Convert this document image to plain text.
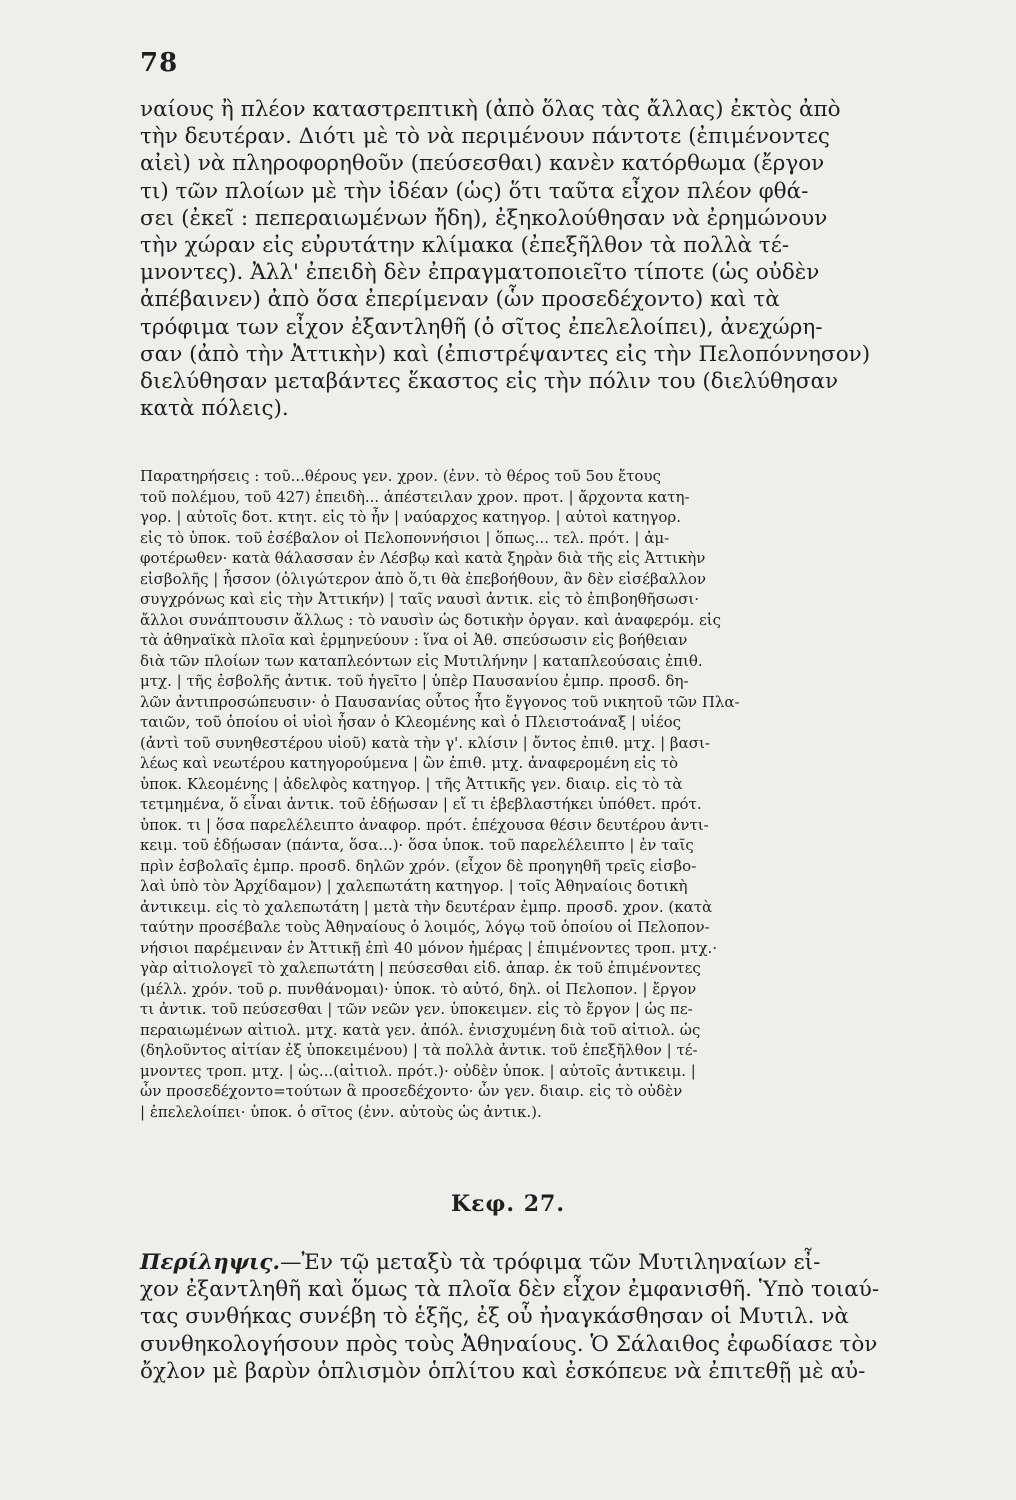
78

ναίους ἢ πλέον καταστρεπτικὴ (ἀπὸ ὅλας τὰς ἄλλας) ἐκτὸς ἀπὸ

τὴν δευτέραν. Διότι μὲ τὸ νὰ περιμένουν πάντοτε (ἐπιμένοντες

αἰεὶ) νὰ πληροφορηθοῦν (πεύσεσθαι) κανὲν κατόρθωμα (ἔργον

τι) τῶν πλοίων μὲ τὴν ἰδέαν (ὡς) ὅτι ταῦτα εἶχον πλέον φθά-

σει (ἐκεῖ : πεπεραιωμένων ἤδη), ἐξηκολούθησαν νὰ ἐρημώνουν

τὴν χώραν εἰς εὐρυτάτην κλίμακα (ἐπεξῆλθον τὰ πολλὰ τέ-

μνοντες). Ἀλλ' ἐπειδὴ δὲν ἐπραγματοποιεῖτο τίποτε (ὡς οὐδὲν

ἀπέβαινεν) ἀπὸ ὅσα ἐπερίμεναν (ὧν προσεδέχοντο) καὶ τὰ

τρόφιμα των εἶχον ἐξαντληθῆ (ὁ σῖτος ἐπελελοίπει), ἀνεχώρη-

σαν (ἀπὸ τὴν Ἀττικὴν) καὶ (ἐπιστρέψαντες εἰς τὴν Πελοπόννησον)

διελύθησαν μεταβάντες ἕκαστος εἰς τὴν πόλιν του (διελύθησαν

κατὰ πόλεις).

Παρατηρήσεις : τοῦ...θέρους γεν. χρον. (ἐνν. τὸ θέρος τοῦ 5ου ἔτους

τοῦ πολέμου, τοῦ 427) ἐπειδὴ... ἀπέστειλαν χρον. προτ. | ἄρχοντα κατη-

γορ. | αὐτοῖς δοτ. κτητ. εἰς τὸ ἦν | ναύαρχος κατηγορ. | αὐτοὶ κατηγορ.

εἰς τὸ ὑποκ. τοῦ ἐσέβαλον οἱ Πελοποννήσιοι | ὅπως... τελ. πρότ. | ἀμ-

φοτέρωθεν· κατὰ θάλασσαν ἐν Λέσβῳ καὶ κατὰ ξηρὰν διὰ τῆς εἰς Ἀττικὴν

εἰσβολῆς | ἧσσον (ὀλιγώτερον ἀπὸ ὅ,τι θὰ ἐπεβοήθουν, ἂν δὲν εἰσέβαλλον

συγχρόνως καὶ εἰς τὴν Ἀττικήν) | ταῖς ναυσὶ ἀντικ. εἰς τὸ ἐπιβοηθῆσωσι·

ἄλλοι συνάπτουσιν ἄλλως : τὸ ναυσὶν ὡς δοτικὴν ὀργαν. καὶ ἀναφερόμ. εἰς

τὰ ἀθηναϊκὰ πλοῖα καὶ ἑρμηνεύουν : ἵνα οἱ Ἀθ. σπεύσωσιν εἰς βοήθειαν

διὰ τῶν πλοίων των καταπλεόντων εἰς Μυτιλήνην | καταπλεούσαις ἐπιθ.

μτχ. | τῆς ἐσβολῆς ἀντικ. τοῦ ἡγεῖτο | ὑπὲρ Παυσανίου ἐμπρ. προσδ. δη-

λῶν ἀντιπροσώπευσιν· ὁ Παυσανίας οὗτος ἦτο ἔγγονος τοῦ νικητοῦ τῶν Πλα-

ταιῶν, τοῦ ὁποίου οἱ υἱοὶ ἦσαν ὁ Κλεομένης καὶ ὁ Πλειστοάναξ | υἱέος

(ἀντὶ τοῦ συνηθεστέρου υἱοῦ) κατὰ τὴν γ'. κλίσιν | ὄντος ἐπιθ. μτχ. | βασι-

λέως καὶ νεωτέρου κατηγορούμενα | ὢν ἐπιθ. μτχ. ἀναφερομένη εἰς τὸ

ὑποκ. Κλεομένης | ἀδελφὸς κατηγορ. | τῆς Ἀττικῆς γεν. διαιρ. εἰς τὸ τὰ

τετμημένα, ὅ εἶναι ἀντικ. τοῦ ἐδῄωσαν | εἴ τι ἐβεβλαστήκει ὑπόθετ. πρότ.

ὑποκ. τι | ὅσα παρελέλειπτο ἀναφορ. πρότ. ἐπέχουσα θέσιν δευτέρου ἀντι-

κειμ. τοῦ ἐδῄωσαν (πάντα, ὅσα...)· ὅσα ὑποκ. τοῦ παρελέλειπτο | ἐν ταῖς

πρὶν ἐσβολαῖς ἐμπρ. προσδ. δηλῶν χρόν. (εἶχον δὲ προηγηθῆ τρεῖς εἰσβο-

λαὶ ὑπὸ τὸν Ἀρχίδαμον) | χαλεπωτάτη κατηγορ. | τοῖς Ἀθηναίοις δοτικὴ

ἀντικειμ. εἰς τὸ χαλεπωτάτη | μετὰ τὴν δευτέραν ἐμπρ. προσδ. χρον. (κατὰ

ταύτην προσέβαλε τοὺς Ἀθηναίους ὁ λοιμός, λόγῳ τοῦ ὁποίου οἱ Πελοπον-

νήσιοι παρέμειναν ἐν Ἀττικῇ ἐπὶ 40 μόνον ἡμέρας | ἐπιμένοντες τροπ. μτχ.·

γὰρ αἰτιολογεῖ τὸ χαλεπωτάτη | πεύσεσθαι εἰδ. ἀπαρ. ἐκ τοῦ ἐπιμένοντες

(μέλλ. χρόν. τοῦ ρ. πυνθάνομαι)· ὑποκ. τὸ αὐτό, δηλ. οἱ Πελοπον. | ἔργον

τι ἀντικ. τοῦ πεύσεσθαι | τῶν νεῶν γεν. ὑποκειμεν. εἰς τὸ ἔργον | ὡς πε-

περαιωμένων αἰτιολ. μτχ. κατὰ γεν. ἀπόλ. ἐνισχυμένη διὰ τοῦ αἰτιολ. ὡς

(δηλοῦντος αἰτίαν ἐξ ὑποκειμένου) | τὰ πολλὰ ἀντικ. τοῦ ἐπεξῆλθον | τέ-

μνοντες τροπ. μτχ. | ὡς...(αἰτιολ. πρότ.)· οὐδὲν ὑποκ. | αὐτοῖς ἀντικειμ. |

ὧν προσεδέχοντο=τούτων ἃ προσεδέχοντο· ὧν γεν. διαιρ. εἰς τὸ οὐδὲν

| ἐπελελοίπει· ὑποκ. ὁ σῖτος (ἐνν. αὐτοὺς ὡς ἀντικ.).

Κεφ. 27.

Περίληψις.—Ἐν τῷ μεταξὺ τὰ τρόφιμα τῶν Μυτιληναίων εἶ-

χον ἐξαντληθῆ καὶ ὅμως τὰ πλοῖα δὲν εἶχον ἐμφανισθῆ. Ὑπὸ τοιαύ-

τας συνθήκας συνέβη τὸ ἑξῆς, ἐξ οὗ ἠναγκάσθησαν οἱ Μυτιλ. νὰ

συνθηκολογήσουν πρὸς τοὺς Ἀθηναίους. Ὁ Σάλαιθος ἐφωδίασε τὸν

ὄχλον μὲ βαρὺν ὁπλισμὸν ὁπλίτου καὶ ἐσκόπευε νὰ ἐπιτεθῇ μὲ αὐ-
